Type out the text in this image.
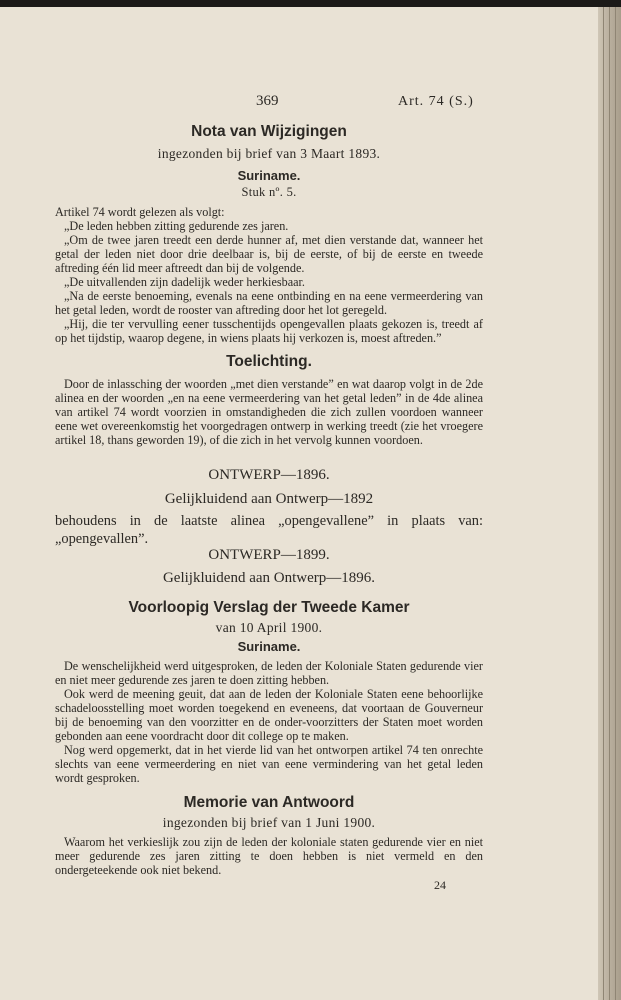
369	Art. 74 (S.)
Nota van Wijzigingen
ingezonden bij brief van 3 Maart 1893.
Suriname.
Stuk nº. 5.

Artikel 74 wordt gelezen als volgt:

„De leden hebben zitting gedurende zes jaren.

„Om de twee jaren treedt een derde hunner af, met dien verstande dat, wanneer het getal der leden niet door drie deelbaar is, bij de eerste, of bij de eerste en tweede aftreding één lid meer aftreedt dan bij de volgende.

„De uitvallenden zijn dadelijk weder herkiesbaar.

„Na de eerste benoeming, evenals na eene ontbinding en na eene vermeerdering van het getal leden, wordt de rooster van aftreding door het lot geregeld.

„Hij, die ter vervulling eener tusschentijds opengevallen plaats gekozen is, treedt af op het tijdstip, waarop degene, in wiens plaats hij verkozen is, moest aftreden.”

Toelichting.

Door de inlassching der woorden „met dien verstande” en wat daarop volgt in de 2de alinea en der woorden „en na eene vermeerdering van het getal leden” in de 4de alinea van artikel 74 wordt voorzien in omstandigheden die zich zullen voordoen wanneer eene wet overeenkomstig het voorgedragen ontwerp in werking treedt (zie het vroegere artikel 18, thans geworden 19), of die zich in het vervolg kunnen voordoen.

ONTWERP—1896.
Gelijkluidend aan Ontwerp—1892

behoudens in de laatste alinea „opengevallene” in plaats van: „opengevallen”.

ONTWERP—1899.
Gelijkluidend aan Ontwerp—1896.
Voorloopig Verslag der Tweede Kamer
van 10 April 1900.
Suriname.

De wenschelijkheid werd uitgesproken, de leden der Koloniale Staten gedurende vier en niet meer gedurende zes jaren te doen zitting hebben.

Ook werd de meening geuit, dat aan de leden der Koloniale Staten eene behoorlijke schadeloosstelling moet worden toegekend en eveneens, dat voortaan de Gouverneur bij de benoeming van den voorzitter en de onder-voorzitters der Staten moet worden gebonden aan eene voordracht door dit college op te maken.

Nog werd opgemerkt, dat in het vierde lid van het ontworpen artikel 74 ten onrechte slechts van eene vermeerdering en niet van eene vermindering van het getal leden wordt gesproken.

Memorie van Antwoord
ingezonden bij brief van 1 Juni 1900.

Waarom het verkieslijk zou zijn de leden der koloniale staten gedurende vier en niet meer gedurende zes jaren zitting te doen hebben is niet vermeld en den ondergeteekende ook niet bekend.

24
